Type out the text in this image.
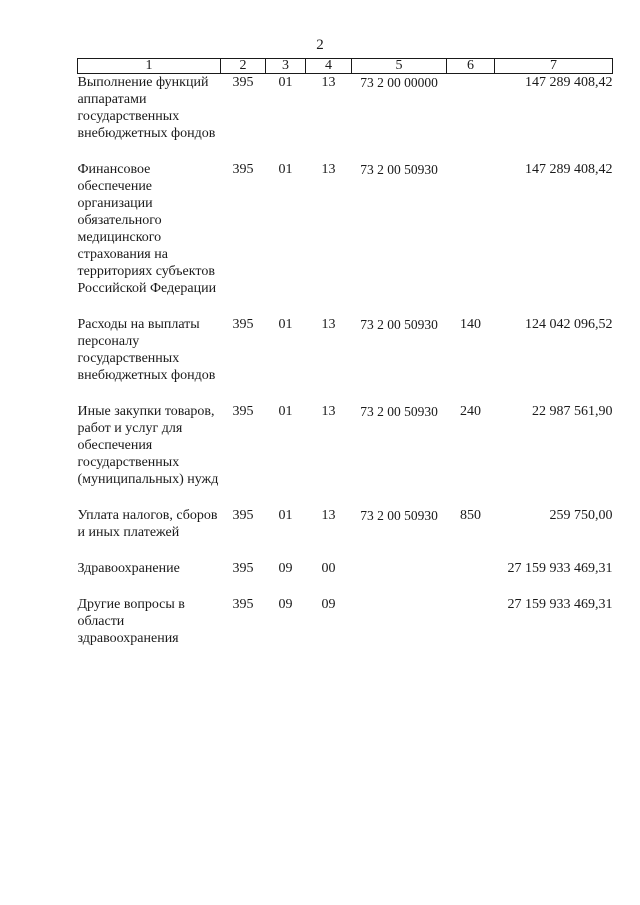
2
1	2	3	4	5	6	7
Выполнение функций аппаратами государственных внебюджетных фондов	395	01	13	73 2 00 00000		147 289 408,42
Финансовое обеспечение организации обязательного медицинского страхования на территориях субъектов Российской Федерации	395	01	13	73 2 00 50930		147 289 408,42
Расходы на выплаты персоналу государственных внебюджетных фондов	395	01	13	73 2 00 50930	140	124 042 096,52
Иные закупки товаров, работ и услуг для обеспечения государственных (муниципальных) нужд	395	01	13	73 2 00 50930	240	22 987 561,90
Уплата налогов, сборов и иных платежей	395	01	13	73 2 00 50930	850	259 750,00
Здравоохранение	395	09	00			27 159 933 469,31
Другие вопросы в области здравоохранения	395	09	09			27 159 933 469,31
